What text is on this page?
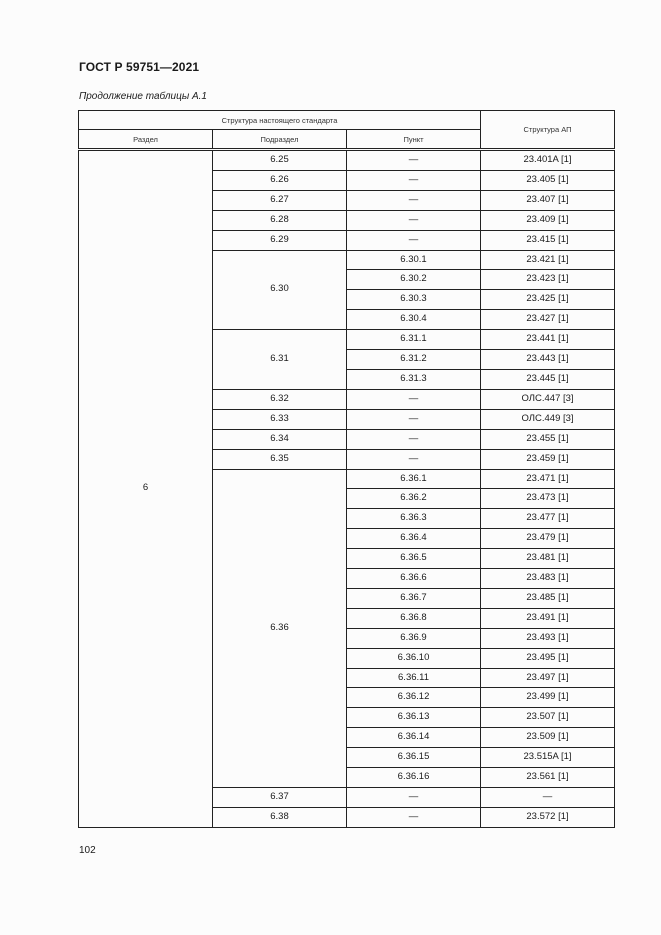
ГОСТ Р 59751—2021
Продолжение таблицы А.1
Структура настоящего стандарта			Структура АП
Раздел	Подраздел	Пункт	
6	6.25	—	23.401A [1]
	6.26	—	23.405 [1]
	6.27	—	23.407 [1]
	6.28	—	23.409 [1]
	6.29	—	23.415 [1]
	6.30	6.30.1	23.421 [1]
		6.30.2	23.423 [1]
		6.30.3	23.425 [1]
		6.30.4	23.427 [1]
	6.31	6.31.1	23.441 [1]
		6.31.2	23.443 [1]
		6.31.3	23.445 [1]
	6.32	—	ОЛС.447 [3]
	6.33	—	ОЛС.449 [3]
	6.34	—	23.455 [1]
	6.35	—	23.459 [1]
	6.36	6.36.1	23.471 [1]
		6.36.2	23.473 [1]
		6.36.3	23.477 [1]
		6.36.4	23.479 [1]
		6.36.5	23.481 [1]
		6.36.6	23.483 [1]
		6.36.7	23.485 [1]
		6.36.8	23.491 [1]
		6.36.9	23.493 [1]
		6.36.10	23.495 [1]
		6.36.11	23.497 [1]
		6.36.12	23.499 [1]
		6.36.13	23.507 [1]
		6.36.14	23.509 [1]
		6.36.15	23.515A [1]
		6.36.16	23.561 [1]
	6.37	—	—
	6.38	—	23.572 [1]
102
